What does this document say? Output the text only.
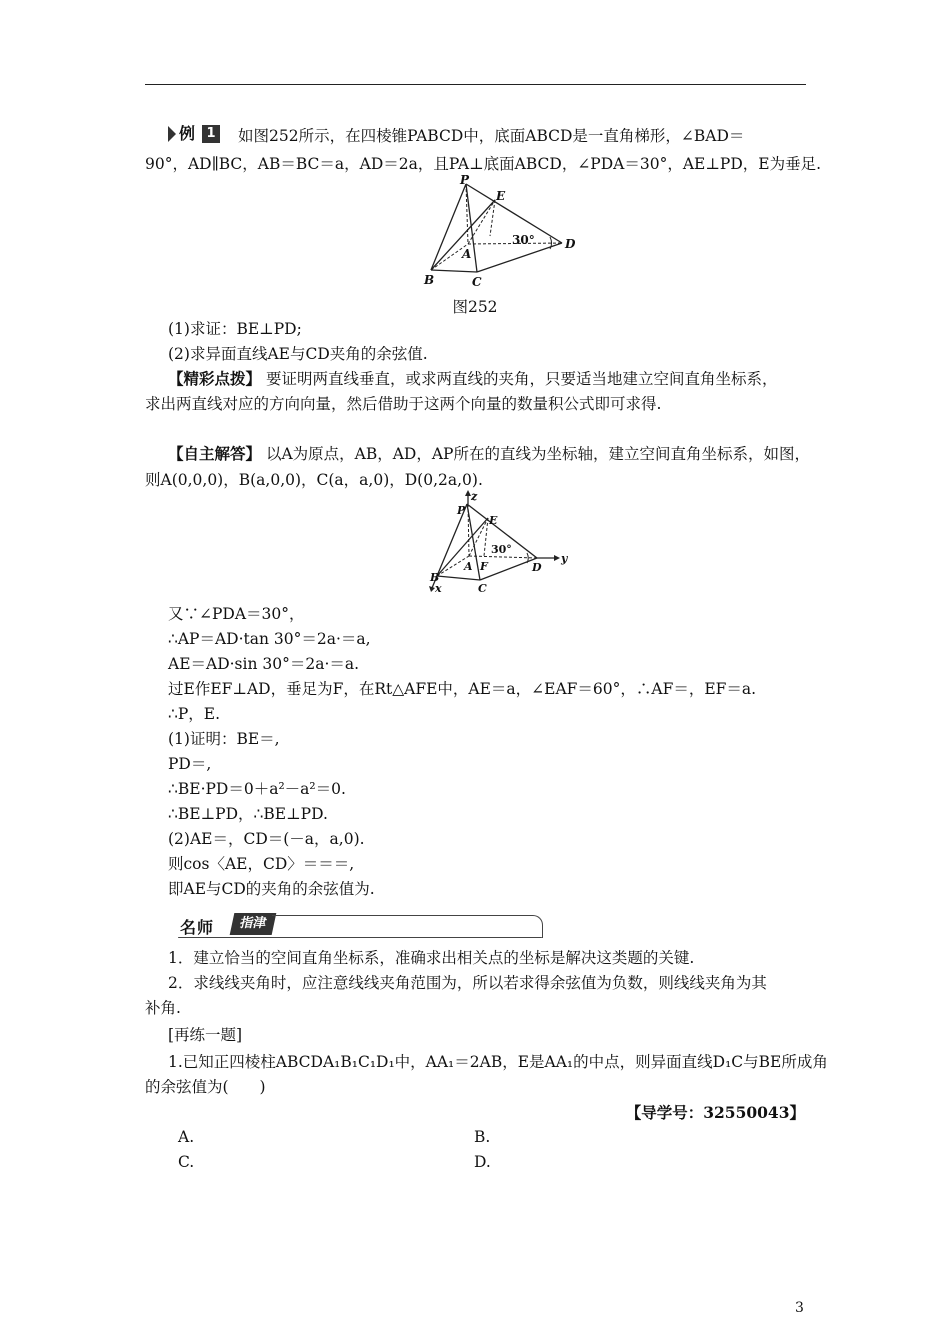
例 1 如图252所示，在四棱锥PABCD中，底面ABCD是一直角梯形，∠BAD＝
90°，AD∥BC，AB＝BC＝a，AD＝2a，且PA⊥底面ABCD，∠PDA＝30°，AE⊥PD，E为垂足.
P
E
A
D
B	C
30°
图252
(1)求证：BE⊥PD;
(2)求异面直线AE与CD夹角的余弦值.
【精彩点拨】 要证明两直线垂直，或求两直线的夹角，只要适当地建立空间直角坐标系，
求出两直线对应的方向向量，然后借助于这两个向量的数量积公式即可求得.
【自主解答】 以A为原点，AB，AD，AP所在的直线为坐标轴，建立空间直角坐标系，如图，
则A(0,0,0)，B(a,0,0)，C(a，a,0)，D(0,2a,0).
z
P
E
A F	D
y
B
x	C
30°
又∵∠PDA＝30°，
∴AP＝AD·tan 30°＝2a·＝a,
AE＝AD·sin 30°＝2a·＝a.
过E作EF⊥AD，垂足为F，在Rt△AFE中，AE＝a，∠EAF＝60°，∴AF＝，EF＝a.
∴P，E.
(1)证明：BE＝,
PD＝,
∴BE·PD＝0＋a²－a²＝0.
∴BE⊥PD，∴BE⊥PD.
(2)AE＝，CD＝(－a，a,0).
则cos〈AE，CD〉＝＝＝,
即AE与CD的夹角的余弦值为.
名师	指津
1．建立恰当的空间直角坐标系，准确求出相关点的坐标是解决这类题的关键.
2．求线线夹角时，应注意线线夹角范围为，所以若求得余弦值为负数，则线线夹角为其
补角.
[再练一题]
1.已知正四棱柱ABCDA₁B₁C₁D₁中，AA₁＝2AB，E是AA₁的中点，则异面直线D₁C与BE所成角
的余弦值为(　　)
【导学号：32550043】
A.	B.
C.	D.
3
